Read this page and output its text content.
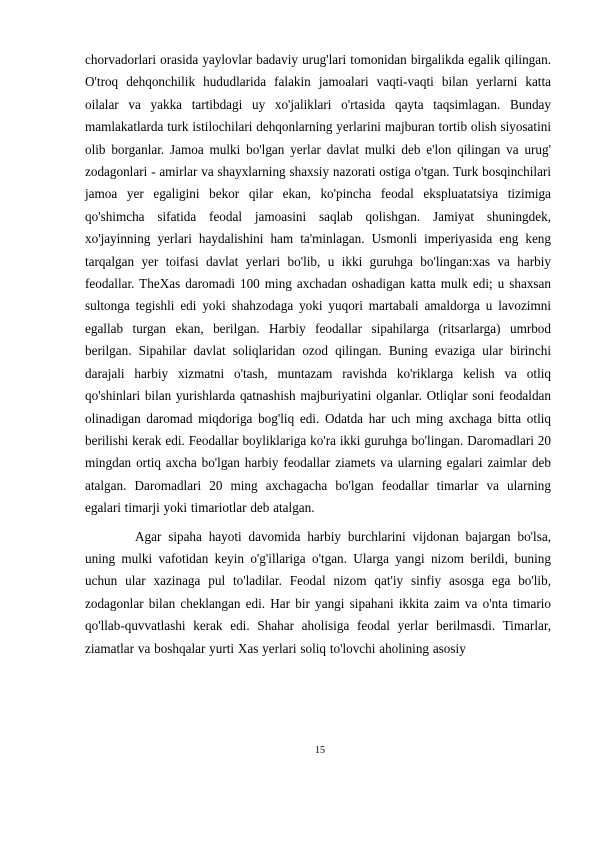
chorvadorlari orasida yaylovlar badaviy urug'lari tomonidan birgalikda egalik qilingan. O'troq dehqonchilik hududlarida falakin jamoalari vaqti-vaqti bilan yerlarni katta oilalar va yakka tartibdagi uy xo'jaliklari o'rtasida qayta taqsimlagan. Bunday mamlakatlarda turk istilochilari dehqonlarning yerlarini majburan tortib olish siyosatini olib borganlar. Jamoa mulki bo'lgan yerlar davlat mulki deb e'lon qilingan va urug' zodagonlari - amirlar va shayxlarning shaxsiy nazorati ostiga o'tgan. Turk bosqinchilari jamoa yer egaligini bekor qilar ekan, ko'pincha feodal ekspluatatsiya tizimiga qo'shimcha sifatida feodal jamoasini saqlab qolishgan. Jamiyat shuningdek, xo'jayinning yerlari haydalishini ham ta'minlagan. Usmonli imperiyasida eng keng tarqalgan yer toifasi davlat yerlari bo'lib, u ikki guruhga bo'lingan:xas va harbiy feodallar. TheXas daromadi 100 ming axchadan oshadigan katta mulk edi; u shaxsan sultonga tegishli edi yoki shahzodaga yoki yuqori martabali amaldorga u lavozimni egallab turgan ekan, berilgan. Harbiy feodallar sipahilarga (ritsarlarga) umrbod berilgan. Sipahilar davlat soliqlaridan ozod qilingan. Buning evaziga ular birinchi darajali harbiy xizmatni o'tash, muntazam ravishda ko'riklarga kelish va otliq qo'shinlari bilan yurishlarda qatnashish majburiyatini olganlar. Otliqlar soni feodaldan olinadigan daromad miqdoriga bog'liq edi. Odatda har uch ming axchaga bitta otliq berilishi kerak edi. Feodallar boyliklariga ko'ra ikki guruhga bo'lingan. Daromadlari 20 mingdan ortiq axcha bo'lgan harbiy feodallar ziamets va ularning egalari zaimlar deb atalgan. Daromadlari 20 ming axchagacha bo'lgan feodallar timarlar va ularning egalari timarji yoki timariotlar deb atalgan.

Agar sipaha hayoti davomida harbiy burchlarini vijdonan bajargan bo'lsa, uning mulki vafotidan keyin o'g'illariga o'tgan. Ularga yangi nizom berildi, buning uchun ular xazinaga pul to'ladilar. Feodal nizom qat'iy sinfiy asosga ega bo'lib, zodagonlar bilan cheklangan edi. Har bir yangi sipahani ikkita zaim va o'nta timario qo'llab-quvvatlashi kerak edi. Shahar aholisiga feodal yerlar berilmasdi. Timarlar, ziamatlar va boshqalar yurti Xas yerlari soliq to'lovchi aholining asosiy

15
